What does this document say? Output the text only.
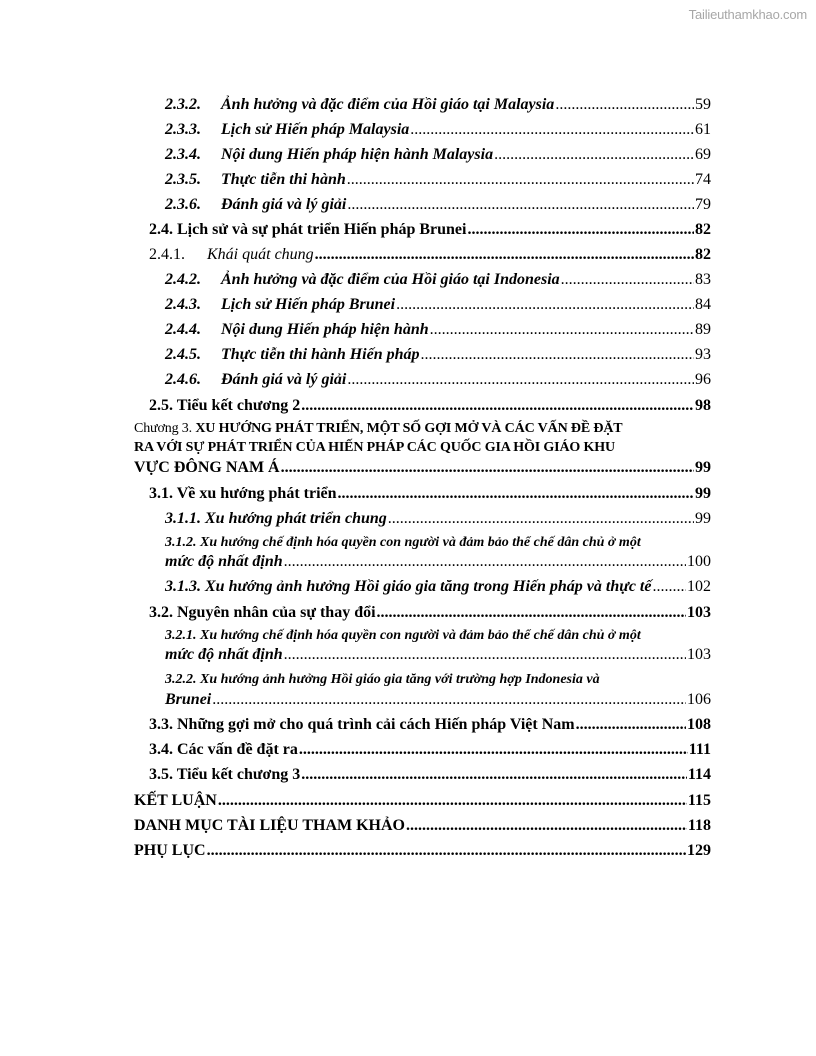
Tailieuthamkhao.com
2.3.2.	Ảnh hưởng và đặc điểm của Hồi giáo tại Malaysia .....	59
2.3.3.	Lịch sử Hiến pháp Malaysia .....	61
2.3.4.	Nội dung Hiến pháp hiện hành Malaysia .....	69
2.3.5.	Thực tiễn thi hành .....	74
2.3.6.	Đánh giá và lý giải .....	79
2.4. Lịch sử và sự phát triển Hiến pháp Brunei .....	82
2.4.1.	Khái quát chung .....	82
2.4.2.	Ảnh hưởng và đặc điểm của Hồi giáo tại Indonesia .....	83
2.4.3.	Lịch sử Hiến pháp Brunei .....	84
2.4.4.	Nội dung Hiến pháp hiện hành .....	89
2.4.5.	Thực tiễn thi hành Hiến pháp .....	93
2.4.6.	Đánh giá và lý giải .....	96
2.5. Tiểu kết chương 2 .....	98
Chương 3. XU HƯỚNG PHÁT TRIỂN, MỘT SỐ GỢI MỞ VÀ CÁC VẤN ĐỀ ĐẶT
RA VỚI SỰ PHÁT TRIỂN CỦA HIẾN PHÁP CÁC QUỐC GIA HỒI GIÁO KHU
VỰC ĐÔNG NAM Á .....	99
3.1. Về xu hướng phát triển .....	99
3.1.1. Xu hướng phát triển chung .....	99
3.1.2. Xu hướng chế định hóa quyền con người và đảm bảo thể chế dân chủ ở một
mức độ nhất định .....	100
3.1.3. Xu hướng ảnh hưởng Hồi giáo gia tăng trong Hiến pháp và thực tế ..... 102
3.2. Nguyên nhân của sự thay đổi .....	103
3.2.1. Xu hướng chế định hóa quyền con người và đảm bảo thể chế dân chủ ở một
mức độ nhất định .....	103
3.2.2. Xu hướng ảnh hưởng Hồi giáo gia tăng với trường hợp Indonesia và
Brunei .....	106
3.3. Những gợi mở cho quá trình cải cách Hiến pháp Việt Nam .....	108
3.4. Các vấn đề đặt ra .....	111
3.5. Tiểu kết chương 3 .....	114
KẾT LUẬN .....	115
DANH MỤC TÀI LIỆU THAM KHẢO .....	118
PHỤ LỤC .....	129
